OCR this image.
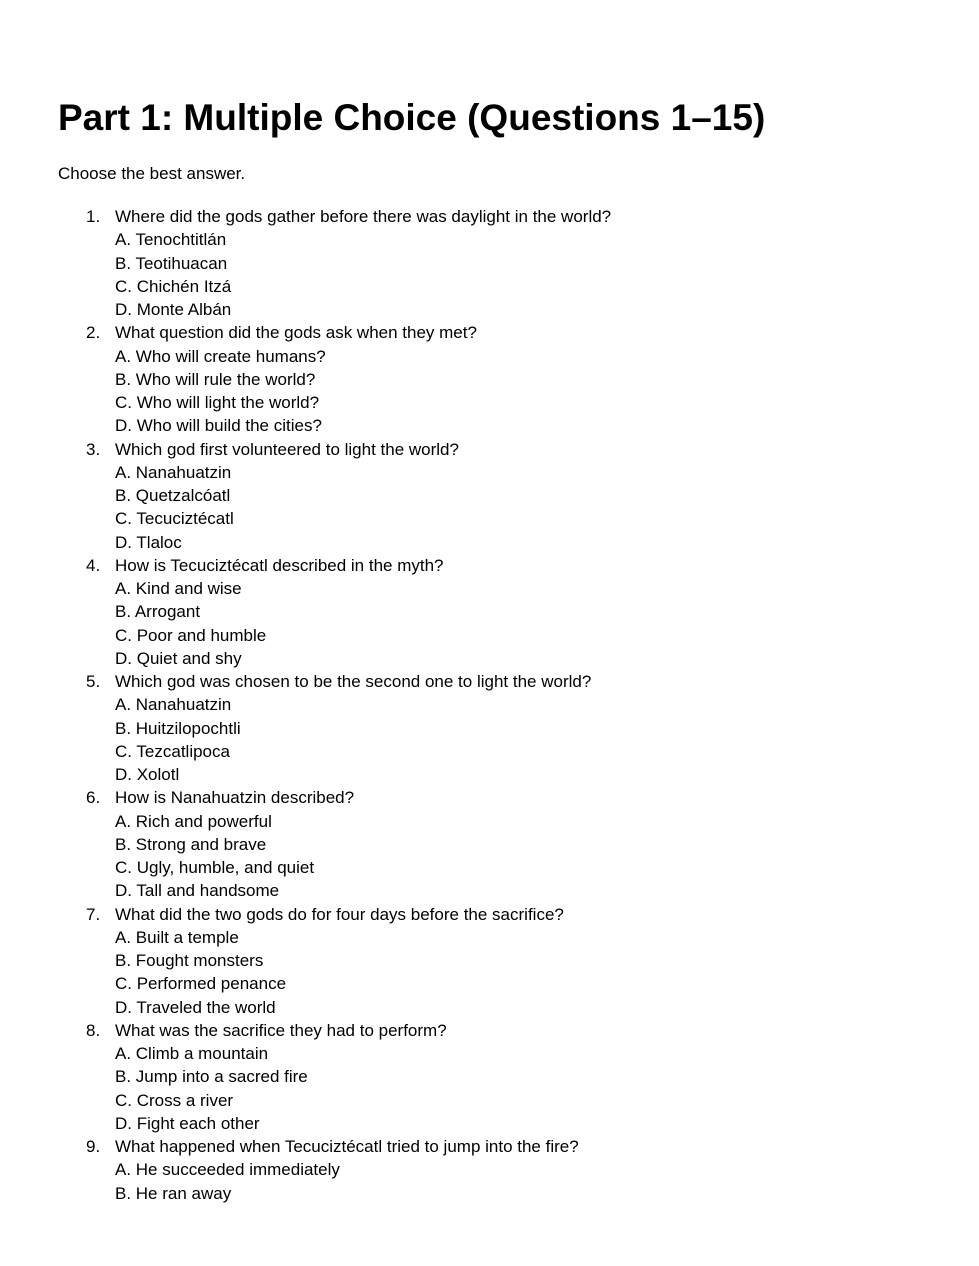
Part 1: Multiple Choice (Questions 1–15)
Choose the best answer.
1. Where did the gods gather before there was daylight in the world?
A. Tenochtitlán
B. Teotihuacan
C. Chichén Itzá
D. Monte Albán
2. What question did the gods ask when they met?
A. Who will create humans?
B. Who will rule the world?
C. Who will light the world?
D. Who will build the cities?
3. Which god first volunteered to light the world?
A. Nanahuatzin
B. Quetzalcóatl
C. Tecuciztécatl
D. Tlaloc
4. How is Tecuciztécatl described in the myth?
A. Kind and wise
B. Arrogant
C. Poor and humble
D. Quiet and shy
5. Which god was chosen to be the second one to light the world?
A. Nanahuatzin
B. Huitzilopochtli
C. Tezcatlipoca
D. Xolotl
6. How is Nanahuatzin described?
A. Rich and powerful
B. Strong and brave
C. Ugly, humble, and quiet
D. Tall and handsome
7. What did the two gods do for four days before the sacrifice?
A. Built a temple
B. Fought monsters
C. Performed penance
D. Traveled the world
8. What was the sacrifice they had to perform?
A. Climb a mountain
B. Jump into a sacred fire
C. Cross a river
D. Fight each other
9. What happened when Tecuciztécatl tried to jump into the fire?
A. He succeeded immediately
B. He ran away
